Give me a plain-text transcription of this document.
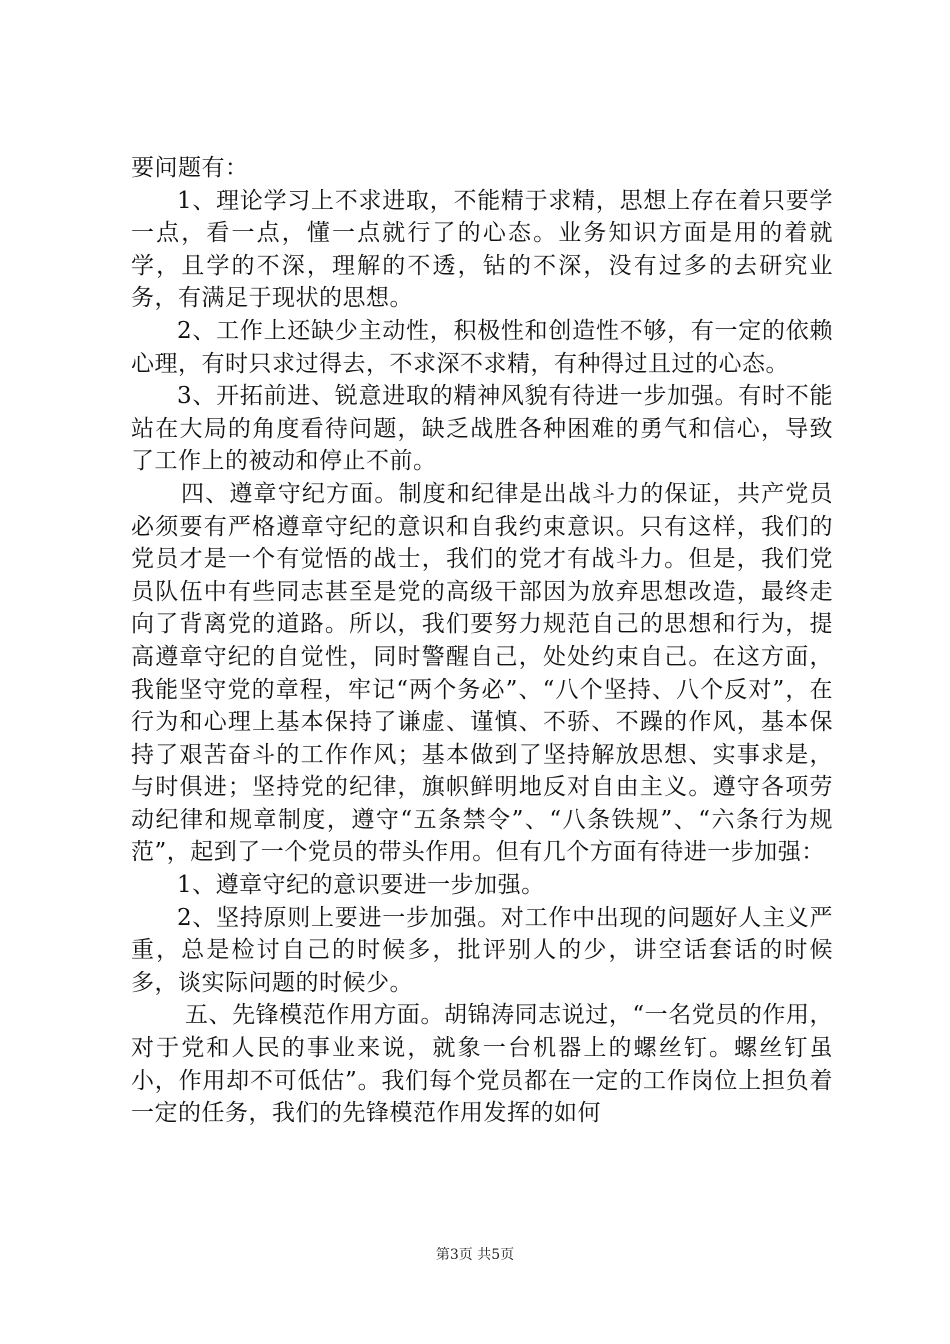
要问题有：

1、理论学习上不求进取，不能精于求精，思想上存在着只要学一点，看一点，懂一点就行了的心态。业务知识方面是用的着就学，且学的不深，理解的不透，钻的不深，没有过多的去研究业务，有满足于现状的思想。

2、工作上还缺少主动性，积极性和创造性不够，有一定的依赖心理，有时只求过得去，不求深不求精，有种得过且过的心态。

3、开拓前进、锐意进取的精神风貌有待进一步加强。有时不能站在大局的角度看待问题，缺乏战胜各种困难的勇气和信心，导致了工作上的被动和停止不前。

四、遵章守纪方面。制度和纪律是出战斗力的保证，共产党员必须要有严格遵章守纪的意识和自我约束意识。只有这样，我们的党员才是一个有觉悟的战士，我们的党才有战斗力。但是，我们党员队伍中有些同志甚至是党的高级干部因为放弃思想改造，最终走向了背离党的道路。所以，我们要努力规范自己的思想和行为，提高遵章守纪的自觉性，同时警醒自己，处处约束自己。在这方面，我能坚守党的章程，牢记“两个务必”、“八个坚持、八个反对”，在行为和心理上基本保持了谦虚、谨慎、不骄、不躁的作风，基本保持了艰苦奋斗的工作作风；基本做到了坚持解放思想、实事求是，与时俱进；坚持党的纪律，旗帜鲜明地反对自由主义。遵守各项劳动纪律和规章制度，遵守“五条禁令”、“八条铁规”、“六条行为规范”，起到了一个党员的带头作用。但有几个方面有待进一步加强：

1、遵章守纪的意识要进一步加强。

2、坚持原则上要进一步加强。对工作中出现的问题好人主义严重，总是检讨自己的时候多，批评别人的少，讲空话套话的时候多，谈实际问题的时候少。

五、先锋模范作用方面。胡锦涛同志说过，“一名党员的作用，对于党和人民的事业来说，就象一台机器上的螺丝钉。螺丝钉虽小，作用却不可低估”。我们每个党员都在一定的工作岗位上担负着一定的任务，我们的先锋模范作用发挥的如何

第3页 共5页
